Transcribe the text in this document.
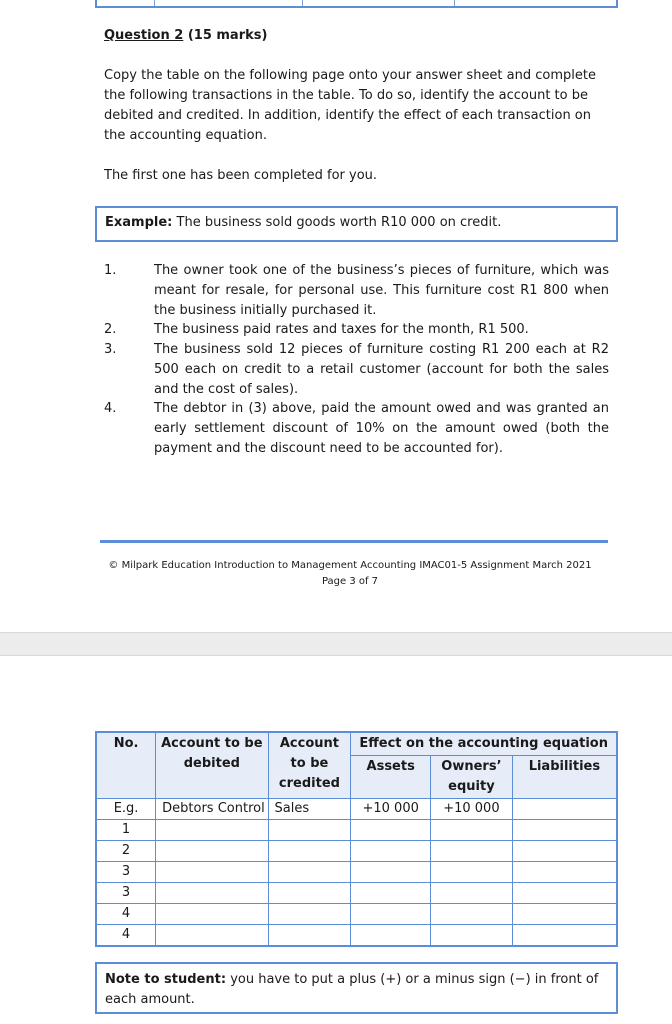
Question 2 (15 marks)
Copy the table on the following page onto your answer sheet and complete the following transactions in the table. To do so, identify the account to be debited and credited. In addition, identify the effect of each transaction on the accounting equation.
The first one has been completed for you.
Example: The business sold goods worth R10 000 on credit.
1.	The owner took one of the business’s pieces of furniture, which was meant for resale, for personal use. This furniture cost R1 800 when the business initially purchased it.
2.	The business paid rates and taxes for the month, R1 500.
3.	The business sold 12 pieces of furniture costing R1 200 each at R2 500 each on credit to a retail customer (account for both the sales and the cost of sales).
4.	The debtor in (3) above, paid the amount owed and was granted an early settlement discount of 10% on the amount owed (both the payment and the discount need to be accounted for).
© Milpark Education Introduction to Management Accounting IMAC01-5 Assignment March 2021
Page 3 of 7
No.	Account to be debited	Account to be credited	Effect on the accounting equation		
			Assets	Owners’ equity	Liabilities
E.g.	Debtors Control	Sales	+10 000	+10 000	
1					
2					
3					
3					
4					
4					
Note to student: you have to put a plus (+) or a minus sign (−) in front of each amount.
